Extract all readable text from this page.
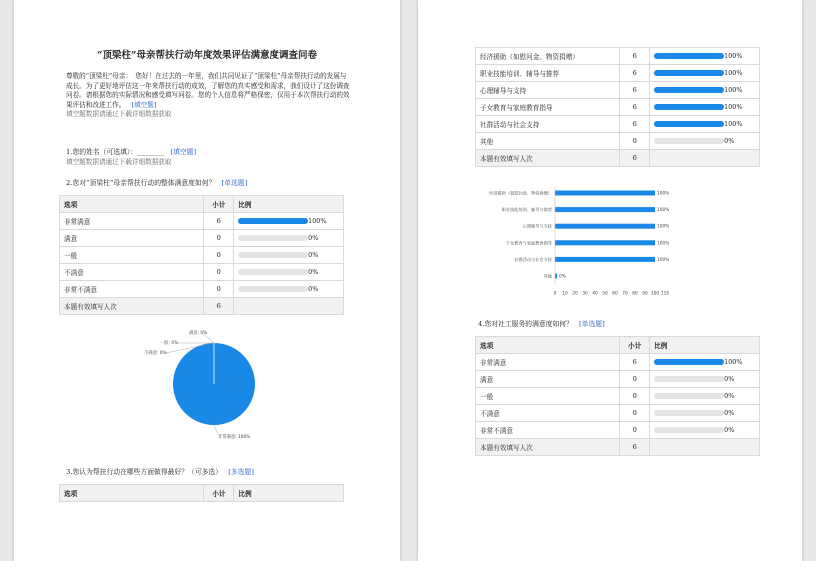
“顶梁柱”母亲帮扶行动年度效果评估满意度调查问卷
尊敬的“顶梁柱”母亲：　您好！在过去的一年里，我们共同见证了“顶梁柱”母亲帮扶行动的发展与成长。为了更好地评估这一年来帮扶行动的成效，了解您的真实感受和需求，我们设计了这份调查问卷。请根据您的实际情况和感受填写问卷。您的个人信息将严格保密，仅用于本次帮扶行动的效果评估和改进工作。 [填空题]
填空题数据请通过下载详细数据获取
1.您的姓名（可选填）：________ [填空题]
填空题数据请通过下载详细数据获取
2.您对“顶梁柱”母亲帮扶行动的整体满意度如何？ [单选题]
选项	小计	比例
非常满意	6	100%
满意	0	0%
一般	0	0%
不满意	0	0%
非常不满意	0	0%
本题有效填写人次	6	
非常满意: 100%
满意: 0%
一般: 0%
不满意: 0%
3.您认为帮扶行动在哪些方面做得最好？（可多选） [多选题]
选项	小计	比例
经济援助（如慰问金、物资捐赠）	6	100%
职业技能培训、辅导与推荐	6	100%
心理辅导与支持	6	100%
子女教育与家庭教育指导	6	100%
社群活动与社会支持	6	100%
其他	0	0%
本题有效填写人次	6	
经济援助（如慰问金、物资捐赠）	100%
职业技能培训、辅导与推荐	100%
心理辅导与支持	100%
子女教育与家庭教育指导	100%
社群活动与社会支持	100%
其他 0%
0 10 20 30 40 50 60 70 80 90 100 110
4.您对社工服务的满意度如何？ [单选题]
选项	小计	比例
非常满意	6	100%
满意	0	0%
一般	0	0%
不满意	0	0%
非常不满意	0	0%
本题有效填写人次	6	
